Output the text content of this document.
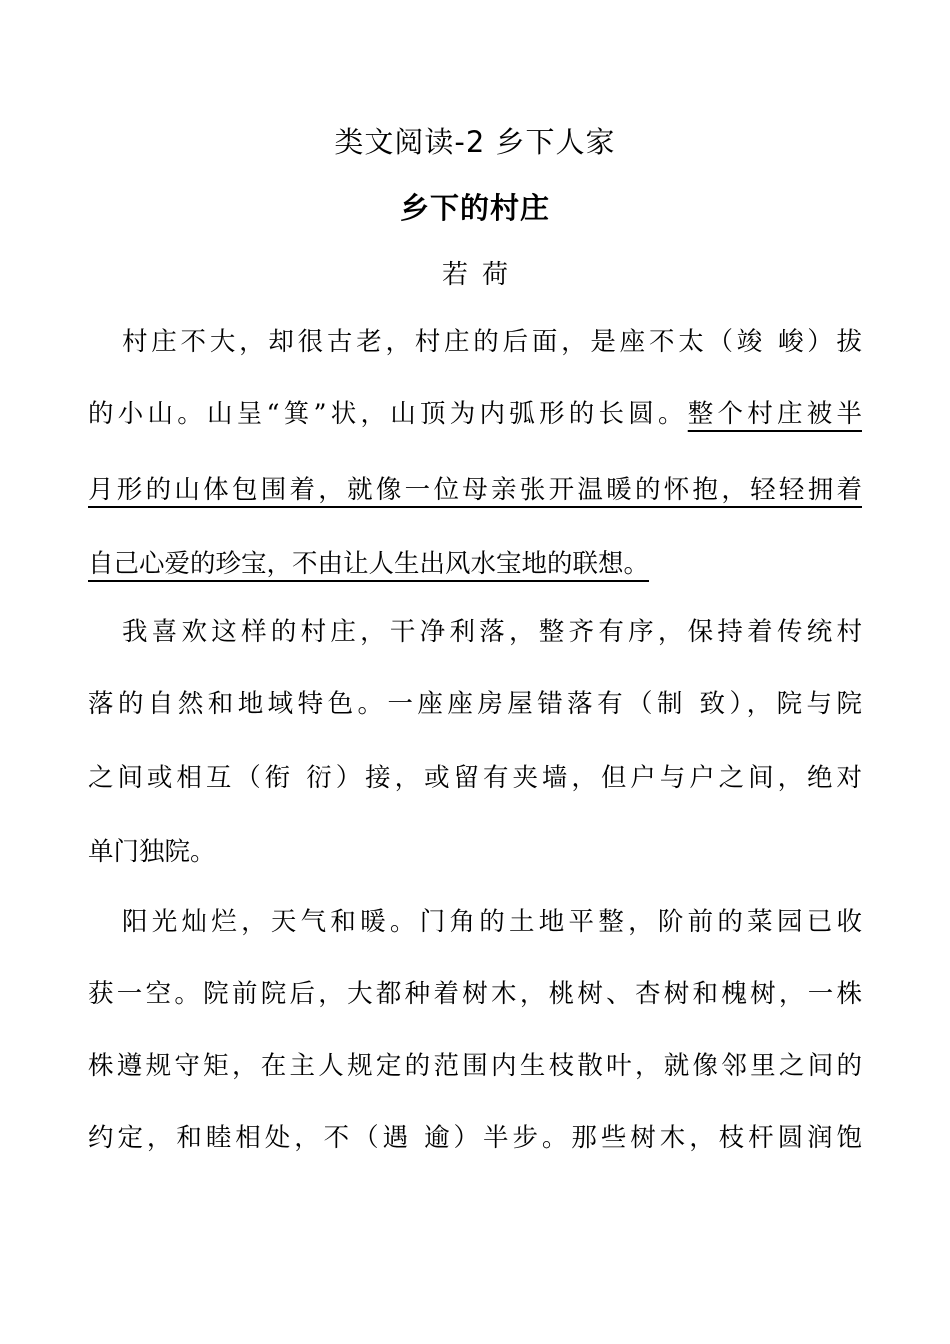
类文阅读-2 乡下人家
乡下的村庄
若荷
村庄不大，却很古老，村庄的后面，是座不太（竣 峻）拔
的小山。山呈“箕”状，山顶为内弧形的长圆。整个村庄被半
月形的山体包围着，就像一位母亲张开温暖的怀抱，轻轻拥着
自己心爱的珍宝，不由让人生出风水宝地的联想。
我喜欢这样的村庄，干净利落，整齐有序，保持着传统村
落的自然和地域特色。一座座房屋错落有（制 致），院与院
之间或相互（衔 衍）接，或留有夹墙，但户与户之间，绝对
单门独院。
阳光灿烂，天气和暖。门角的土地平整，阶前的菜园已收
获一空。院前院后，大都种着树木，桃树、杏树和槐树，一株
株遵规守矩，在主人规定的范围内生枝散叶，就像邻里之间的
约定，和睦相处，不（遇 逾）半步。那些树木，枝杆圆润饱
